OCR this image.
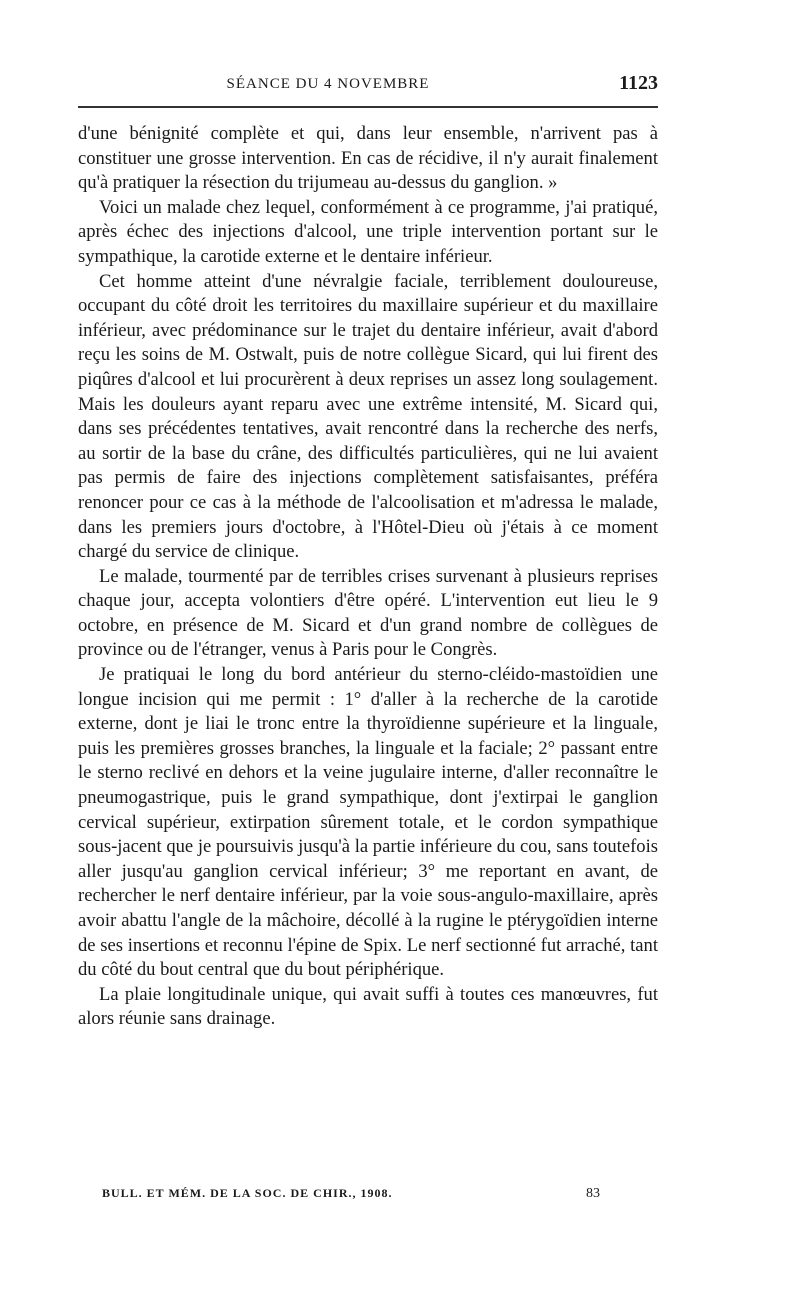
SÉANCE DU 4 NOVEMBRE	1123

d'une bénignité complète et qui, dans leur ensemble, n'arrivent pas à constituer une grosse intervention. En cas de récidive, il n'y aurait finalement qu'à pratiquer la résection du trijumeau au-dessus du ganglion. »

Voici un malade chez lequel, conformément à ce programme, j'ai pratiqué, après échec des injections d'alcool, une triple intervention portant sur le sympathique, la carotide externe et le dentaire inférieur.

Cet homme atteint d'une névralgie faciale, terriblement douloureuse, occupant du côté droit les territoires du maxillaire supérieur et du maxillaire inférieur, avec prédominance sur le trajet du dentaire inférieur, avait d'abord reçu les soins de M. Ostwalt, puis de notre collègue Sicard, qui lui firent des piqûres d'alcool et lui procurèrent à deux reprises un assez long soulagement. Mais les douleurs ayant reparu avec une extrême intensité, M. Sicard qui, dans ses précédentes tentatives, avait rencontré dans la recherche des nerfs, au sortir de la base du crâne, des difficultés particulières, qui ne lui avaient pas permis de faire des injections complètement satisfaisantes, préféra renoncer pour ce cas à la méthode de l'alcoolisation et m'adressa le malade, dans les premiers jours d'octobre, à l'Hôtel-Dieu où j'étais à ce moment chargé du service de clinique.

Le malade, tourmenté par de terribles crises survenant à plusieurs reprises chaque jour, accepta volontiers d'être opéré. L'intervention eut lieu le 9 octobre, en présence de M. Sicard et d'un grand nombre de collègues de province ou de l'étranger, venus à Paris pour le Congrès.

Je pratiquai le long du bord antérieur du sterno-cléido-mastoïdien une longue incision qui me permit : 1° d'aller à la recherche de la carotide externe, dont je liai le tronc entre la thyroïdienne supérieure et la linguale, puis les premières grosses branches, la linguale et la faciale; 2° passant entre le sterno reclivé en dehors et la veine jugulaire interne, d'aller reconnaître le pneumogastrique, puis le grand sympathique, dont j'extirpai le ganglion cervical supérieur, extirpation sûrement totale, et le cordon sympathique sous-jacent que je poursuivis jusqu'à la partie inférieure du cou, sans toutefois aller jusqu'au ganglion cervical inférieur; 3° me reportant en avant, de rechercher le nerf dentaire inférieur, par la voie sous-angulo-maxillaire, après avoir abattu l'angle de la mâchoire, décollé à la rugine le ptérygoïdien interne de ses insertions et reconnu l'épine de Spix. Le nerf sectionné fut arraché, tant du côté du bout central que du bout périphérique.

La plaie longitudinale unique, qui avait suffi à toutes ces manœuvres, fut alors réunie sans drainage.

BULL. ET MÉM. DE LA SOC. DE CHIR., 1908.	83
